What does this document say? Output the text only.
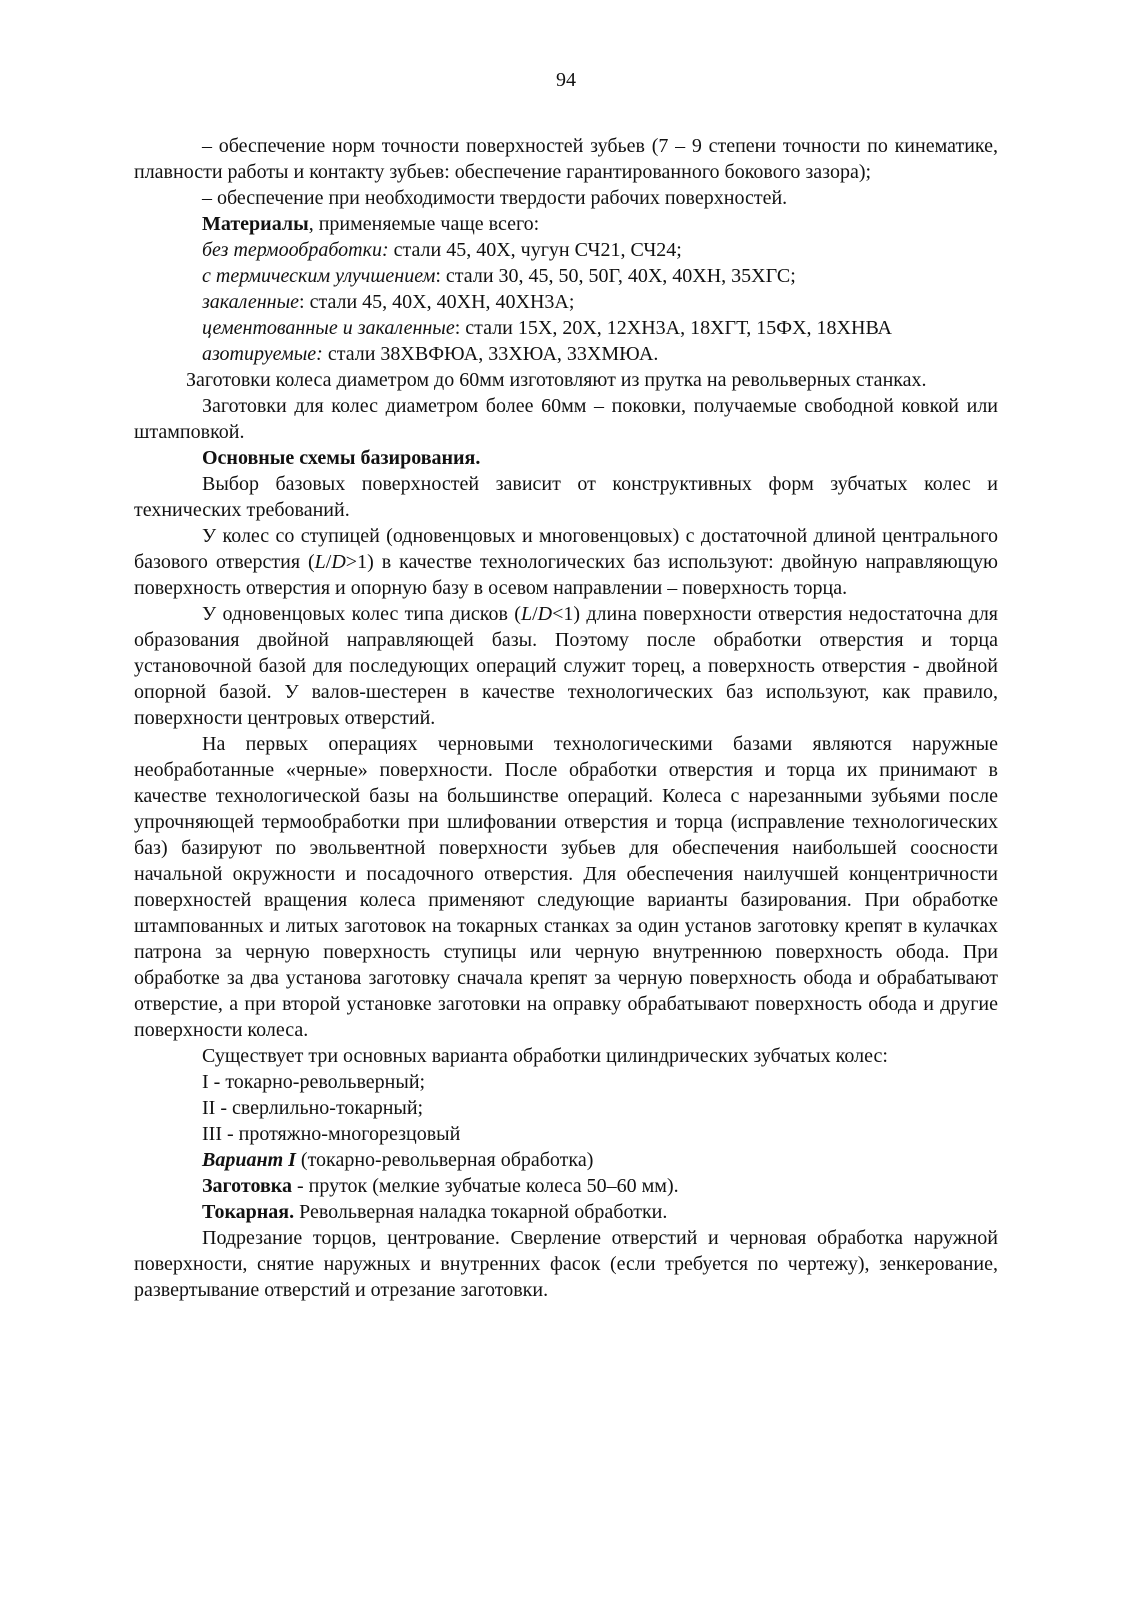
94

– обеспечение норм точности поверхностей зубьев (7 – 9 степени точности по кинематике, плавности работы и контакту зубьев: обеспечение гарантированного бокового зазора);

– обеспечение при необходимости твердости рабочих поверхностей.

Материалы, применяемые чаще всего:

без термообработки: стали 45, 40Х, чугун СЧ21, СЧ24;

с термическим улучшением: стали 30, 45, 50, 50Г, 40Х, 40ХН, 35ХГС;

закаленные: стали 45, 40Х, 40ХН, 40ХН3А;

цементованные и закаленные: стали 15Х, 20Х, 12ХН3А, 18ХГТ, 15ФХ, 18ХНВА

азотируемые: стали 38ХВФЮА, 33ХЮА, 33ХМЮА.

Заготовки колеса диаметром до 60мм изготовляют из прутка на револьверных станках.

Заготовки для колес диаметром более 60мм – поковки, получаемые свободной ковкой или штамповкой.

Основные схемы базирования.

Выбор базовых поверхностей зависит от конструктивных форм зубчатых колес и технических требований.

У колес со ступицей (одновенцовых и многовенцовых) с достаточной длиной центрального базового отверстия (L/D>1) в качестве технологических баз используют: двойную направляющую поверхность отверстия и опорную базу в осевом направлении – поверхность торца.

У одновенцовых колес типа дисков (L/D<1) длина поверхности отверстия недостаточна для образования двойной направляющей базы. Поэтому после обработки отверстия и торца установочной базой для последующих операций служит торец, а поверхность отверстия - двойной опорной базой. У валов-шестерен в качестве технологических баз используют, как правило, поверхности центровых отверстий.

На первых операциях черновыми технологическими базами являются наружные необработанные «черные» поверхности. После обработки отверстия и торца их принимают в качестве технологической базы на большинстве операций. Колеса с нарезанными зубьями после упрочняющей термообработки при шлифовании отверстия и торца (исправление технологических баз) базируют по эвольвентной поверхности зубьев для обеспечения наибольшей соосности начальной окружности и посадочного отверстия. Для обеспечения наилучшей концентричности поверхностей вращения колеса применяют следующие варианты базирования. При обработке штампованных и литых заготовок на токарных станках за один установ заготовку крепят в кулачках патрона за черную поверхность ступицы или черную внутреннюю поверхность обода. При обработке за два установа заготовку сначала крепят за черную поверхность обода и обрабатывают отверстие, а при второй установке заготовки на оправку обрабатывают поверхность обода и другие поверхности колеса.

Существует три основных варианта обработки цилиндрических зубчатых колес:

I - токарно-револьверный;

II - сверлильно-токарный;

III - протяжно-многорезцовый

Вариант I (токарно-револьверная обработка)

Заготовка - пруток (мелкие зубчатые колеса 50–60 мм).

Токарная. Револьверная наладка токарной обработки.

Подрезание торцов, центрование. Сверление отверстий и черновая обработка наружной поверхности, снятие наружных и внутренних фасок (если требуется по чертежу), зенкерование, развертывание отверстий и отрезание заготовки.
